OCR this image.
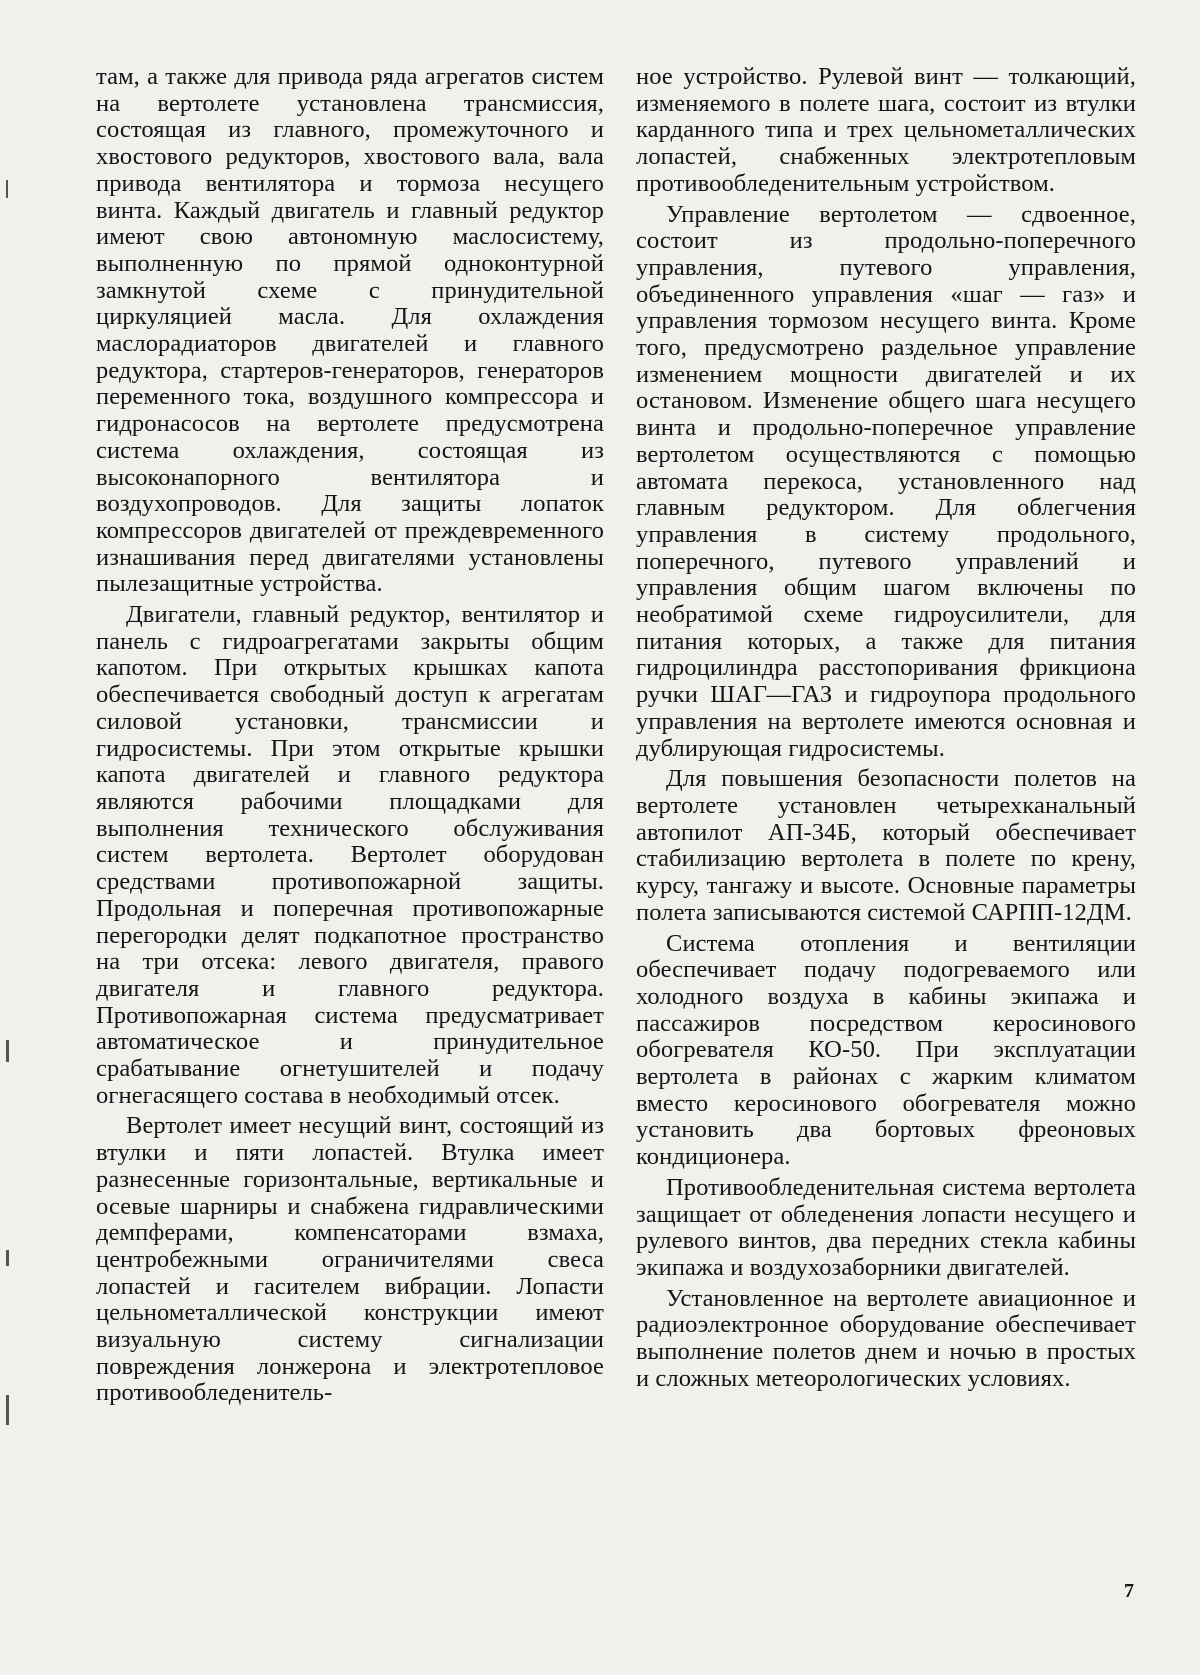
там, а также для привода ряда агрегатов систем на вертолете установлена трансмиссия, состоящая из главного, промежуточного и хвостового редукторов, хвостового вала, вала привода вентилятора и тормоза несущего винта. Каждый двигатель и главный редуктор имеют свою автономную маслосистему, выполненную по прямой одноконтурной замкнутой схеме с принудительной циркуляцией масла. Для охлаждения маслорадиаторов двигателей и главного редуктора, стартеров-генераторов, генераторов переменного тока, воздушного компрессора и гидронасосов на вертолете предусмотрена система охлаждения, состоящая из высоконапорного вентилятора и воздухопроводов. Для защиты лопаток компрессоров двигателей от преждевременного изнашивания перед двигателями установлены пылезащитные устройства.

Двигатели, главный редуктор, вентилятор и панель с гидроагрегатами закрыты общим капотом. При открытых крышках капота обеспечивается свободный доступ к агрегатам силовой установки, трансмиссии и гидросистемы. При этом открытые крышки капота двигателей и главного редуктора являются рабочими площадками для выполнения технического обслуживания систем вертолета. Вертолет оборудован средствами противопожарной защиты. Продольная и поперечная противопожарные перегородки делят подкапотное пространство на три отсека: левого двигателя, правого двигателя и главного редуктора. Противопожарная система предусматривает автоматическое и принудительное срабатывание огнетушителей и подачу огнегасящего состава в необходимый отсек.

Вертолет имеет несущий винт, состоящий из втулки и пяти лопастей. Втулка имеет разнесенные горизонтальные, вертикальные и осевые шарниры и снабжена гидравлическими демпферами, компенсаторами взмаха, центробежными ограничителями свеса лопастей и гасителем вибрации. Лопасти цельнометаллической конструкции имеют визуальную систему сигнализации повреждения лонжерона и электротепловое противообледенитель-

ное устройство. Рулевой винт — толкающий, изменяемого в полете шага, состоит из втулки карданного типа и трех цельнометаллических лопастей, снабженных электротепловым противообледенительным устройством.

Управление вертолетом — сдвоенное, состоит из продольно-поперечного управления, путевого управления, объединенного управления «шаг — газ» и управления тормозом несущего винта. Кроме того, предусмотрено раздельное управление изменением мощности двигателей и их остановом. Изменение общего шага несущего винта и продольно-поперечное управление вертолетом осуществляются с помощью автомата перекоса, установленного над главным редуктором. Для облегчения управления в систему продольного, поперечного, путевого управлений и управления общим шагом включены по необратимой схеме гидроусилители, для питания которых, а также для питания гидроцилиндра расстопоривания фрикциона ручки ШАГ—ГАЗ и гидроупора продольного управления на вертолете имеются основная и дублирующая гидросистемы.

Для повышения безопасности полетов на вертолете установлен четырехканальный автопилот АП-34Б, который обеспечивает стабилизацию вертолета в полете по крену, курсу, тангажу и высоте. Основные параметры полета записываются системой САРПП-12ДМ.

Система отопления и вентиляции обеспечивает подачу подогреваемого или холодного воздуха в кабины экипажа и пассажиров посредством керосинового обогревателя КО-50. При эксплуатации вертолета в районах с жарким климатом вместо керосинового обогревателя можно установить два бортовых фреоновых кондиционера.

Противообледенительная система вертолета защищает от обледенения лопасти несущего и рулевого винтов, два передних стекла кабины экипажа и воздухозаборники двигателей.

Установленное на вертолете авиационное и радиоэлектронное оборудование обеспечивает выполнение полетов днем и ночью в простых и сложных метеорологических условиях.

7
